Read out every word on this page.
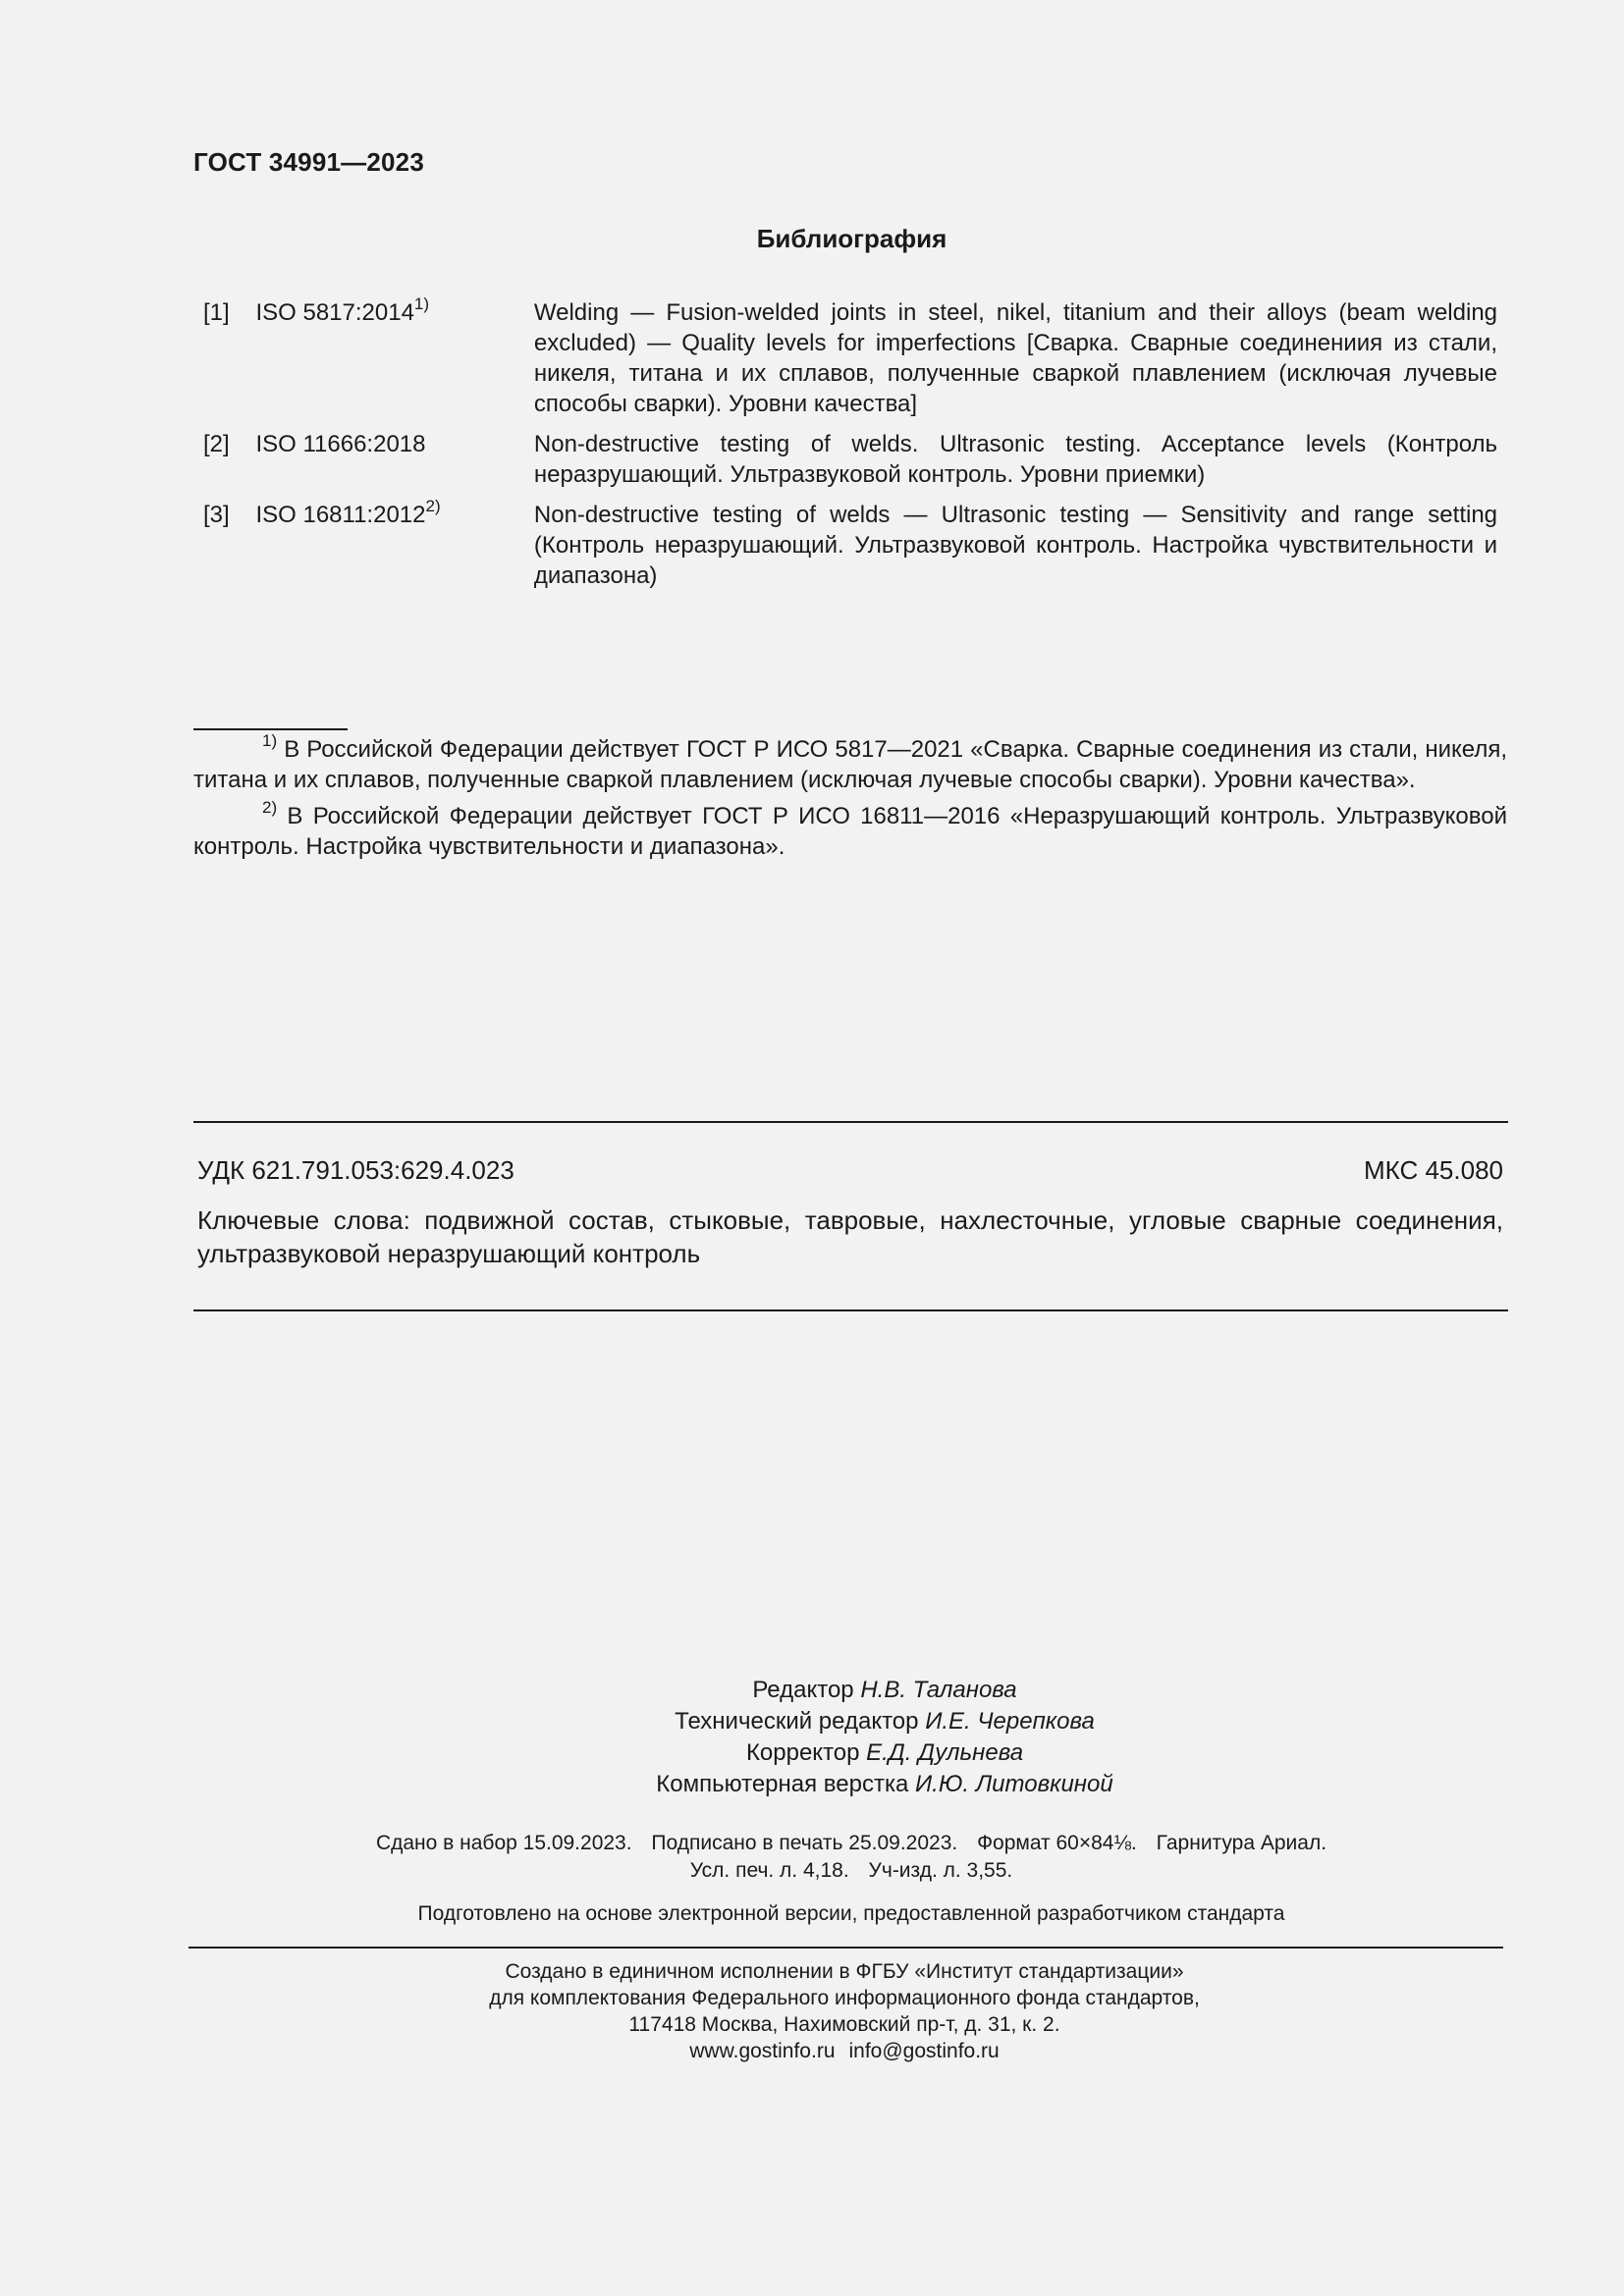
ГОСТ 34991—2023
Библиография
[1]	ISO 5817:2014$^{1)}$	Welding — Fusion-welded joints in steel, nikel, titanium and their alloys (beam welding excluded) — Quality levels for imperfections [Сварка. Сварные соединениия из стали, никеля, титана и их сплавов, полученные сваркой плавлением (исключая лучевые способы сварки). Уровни качества]
[2]	ISO 11666:2018	Non-destructive testing of welds. Ultrasonic testing. Acceptance levels (Контроль неразрушающий. Ультразвуковой контроль. Уровни приемки)
[3]	ISO 16811:2012$^{2)}$	Non-destructive testing of welds — Ultrasonic testing — Sensitivity and range setting (Контроль неразрушающий. Ультразвуковой контроль. Настройка чувствительности и диапазона)
$^{1)}$ В Российской Федерации действует ГОСТ Р ИСО 5817—2021 «Сварка. Сварные соединения из стали, никеля, титана и их сплавов, полученные сваркой плавлением (исключая лучевые способы сварки). Уровни качества».
$^{2)}$ В Российской Федерации действует ГОСТ Р ИСО 16811—2016 «Неразрушающий контроль. Ультразвуковой контроль. Настройка чувствительности и диапазона».
УДК 621.791.053:629.4.023	МКС 45.080
Ключевые слова: подвижной состав, стыковые, тавровые, нахлесточные, угловые сварные соединения, ультразвуковой неразрушающий контроль
Редактор Н.В. Таланова
Технический редактор И.Е. Черепкова
Корректор Е.Д. Дульнева
Компьютерная верстка И.Ю. Литовкиной
Сдано в набор 15.09.2023. Подписано в печать 25.09.2023. Формат 60×84⅛. Гарнитура Ариал.
Усл. печ. л. 4,18. Уч-изд. л. 3,55.
Подготовлено на основе электронной версии, предоставленной разработчиком стандарта
Создано в единичном исполнении в ФГБУ «Институт стандартизации»
для комплектования Федерального информационного фонда стандартов,
117418 Москва, Нахимовский пр-т, д. 31, к. 2.
www.gostinfo.ru info@gostinfo.ru
